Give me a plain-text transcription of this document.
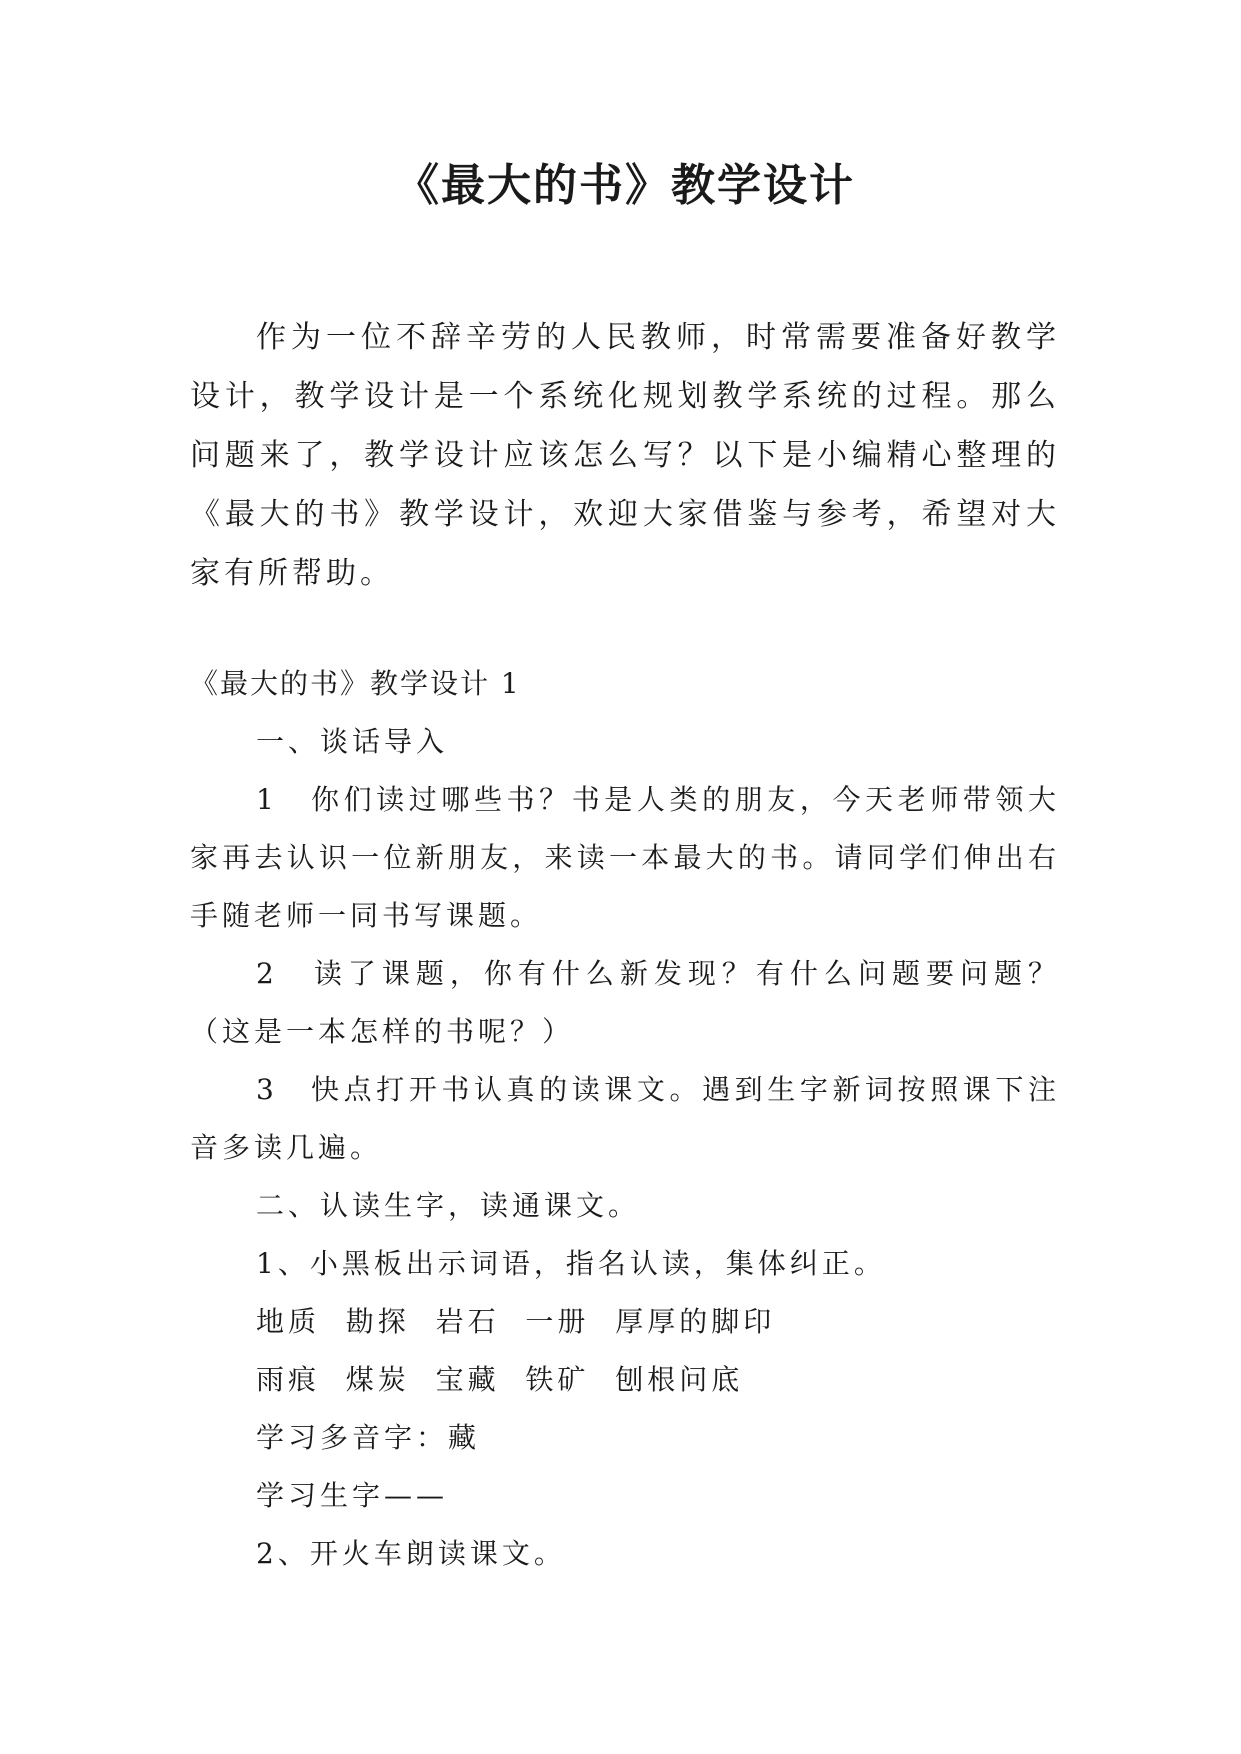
《最大的书》教学设计
作为一位不辞辛劳的人民教师，时常需要准备好教学设计，教学设计是一个系统化规划教学系统的过程。那么问题来了，教学设计应该怎么写？以下是小编精心整理的《最大的书》教学设计，欢迎大家借鉴与参考，希望对大家有所帮助。
《最大的书》教学设计 1
一、谈话导入
1　你们读过哪些书？书是人类的朋友，今天老师带领大家再去认识一位新朋友，来读一本最大的书。请同学们伸出右手随老师一同书写课题。
2　读了课题，你有什么新发现？有什么问题要问题？（这是一本怎样的书呢？）
3　快点打开书认真的读课文。遇到生字新词按照课下注音多读几遍。
二、认读生字，读通课文。
1、小黑板出示词语，指名认读，集体纠正。
地质  勘探  岩石  一册  厚厚的脚印
雨痕  煤炭  宝藏  铁矿  刨根问底
学习多音字：藏
学习生字——
2、开火车朗读课文。
